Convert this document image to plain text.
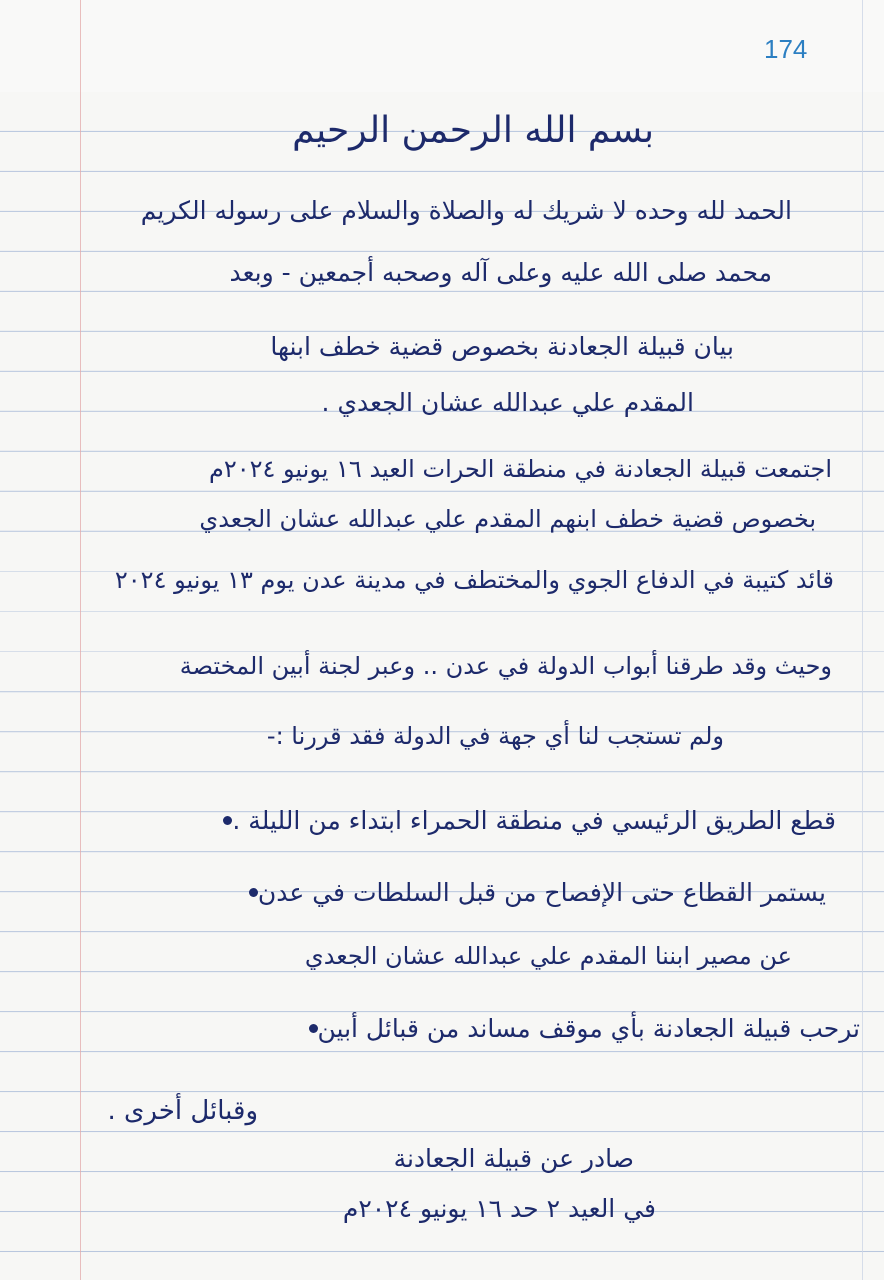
174
بسم الله الرحمن الرحيم
الحمد لله وحده لا شريك له والصلاة والسلام على رسوله الكريم
محمد صلى الله عليه وعلى آله وصحبه أجمعين - وبعد
بيان قبيلة الجعادنة بخصوص قضية خطف ابنها
المقدم علي عبدالله عشان الجعدي .
اجتمعت قبيلة الجعادنة في منطقة الحرات العيد ١٦ يونيو ٢٠٢٤م
بخصوص قضية خطف ابنهم المقدم علي عبدالله عشان الجعدي
قائد كتيبة في الدفاع الجوي والمختطف في مدينة عدن يوم ١٣ يونيو ٢٠٢٤
وحيث وقد طرقنا أبواب الدولة في عدن .. وعبر لجنة أبين المختصة
ولم تستجب لنا أي جهة في الدولة فقد قررنا :-
قطع الطريق الرئيسي في منطقة الحمراء ابتداء من الليلة .
يستمر القطاع حتى الإفصاح من قبل السلطات في عدن
عن مصير ابننا المقدم علي عبدالله عشان الجعدي
ترحب قبيلة الجعادنة بأي موقف مساند من قبائل أبين
وقبائل أخرى .
صادر عن قبيلة الجعادنة
في العيد ٢ حد ١٦ يونيو ٢٠٢٤م
